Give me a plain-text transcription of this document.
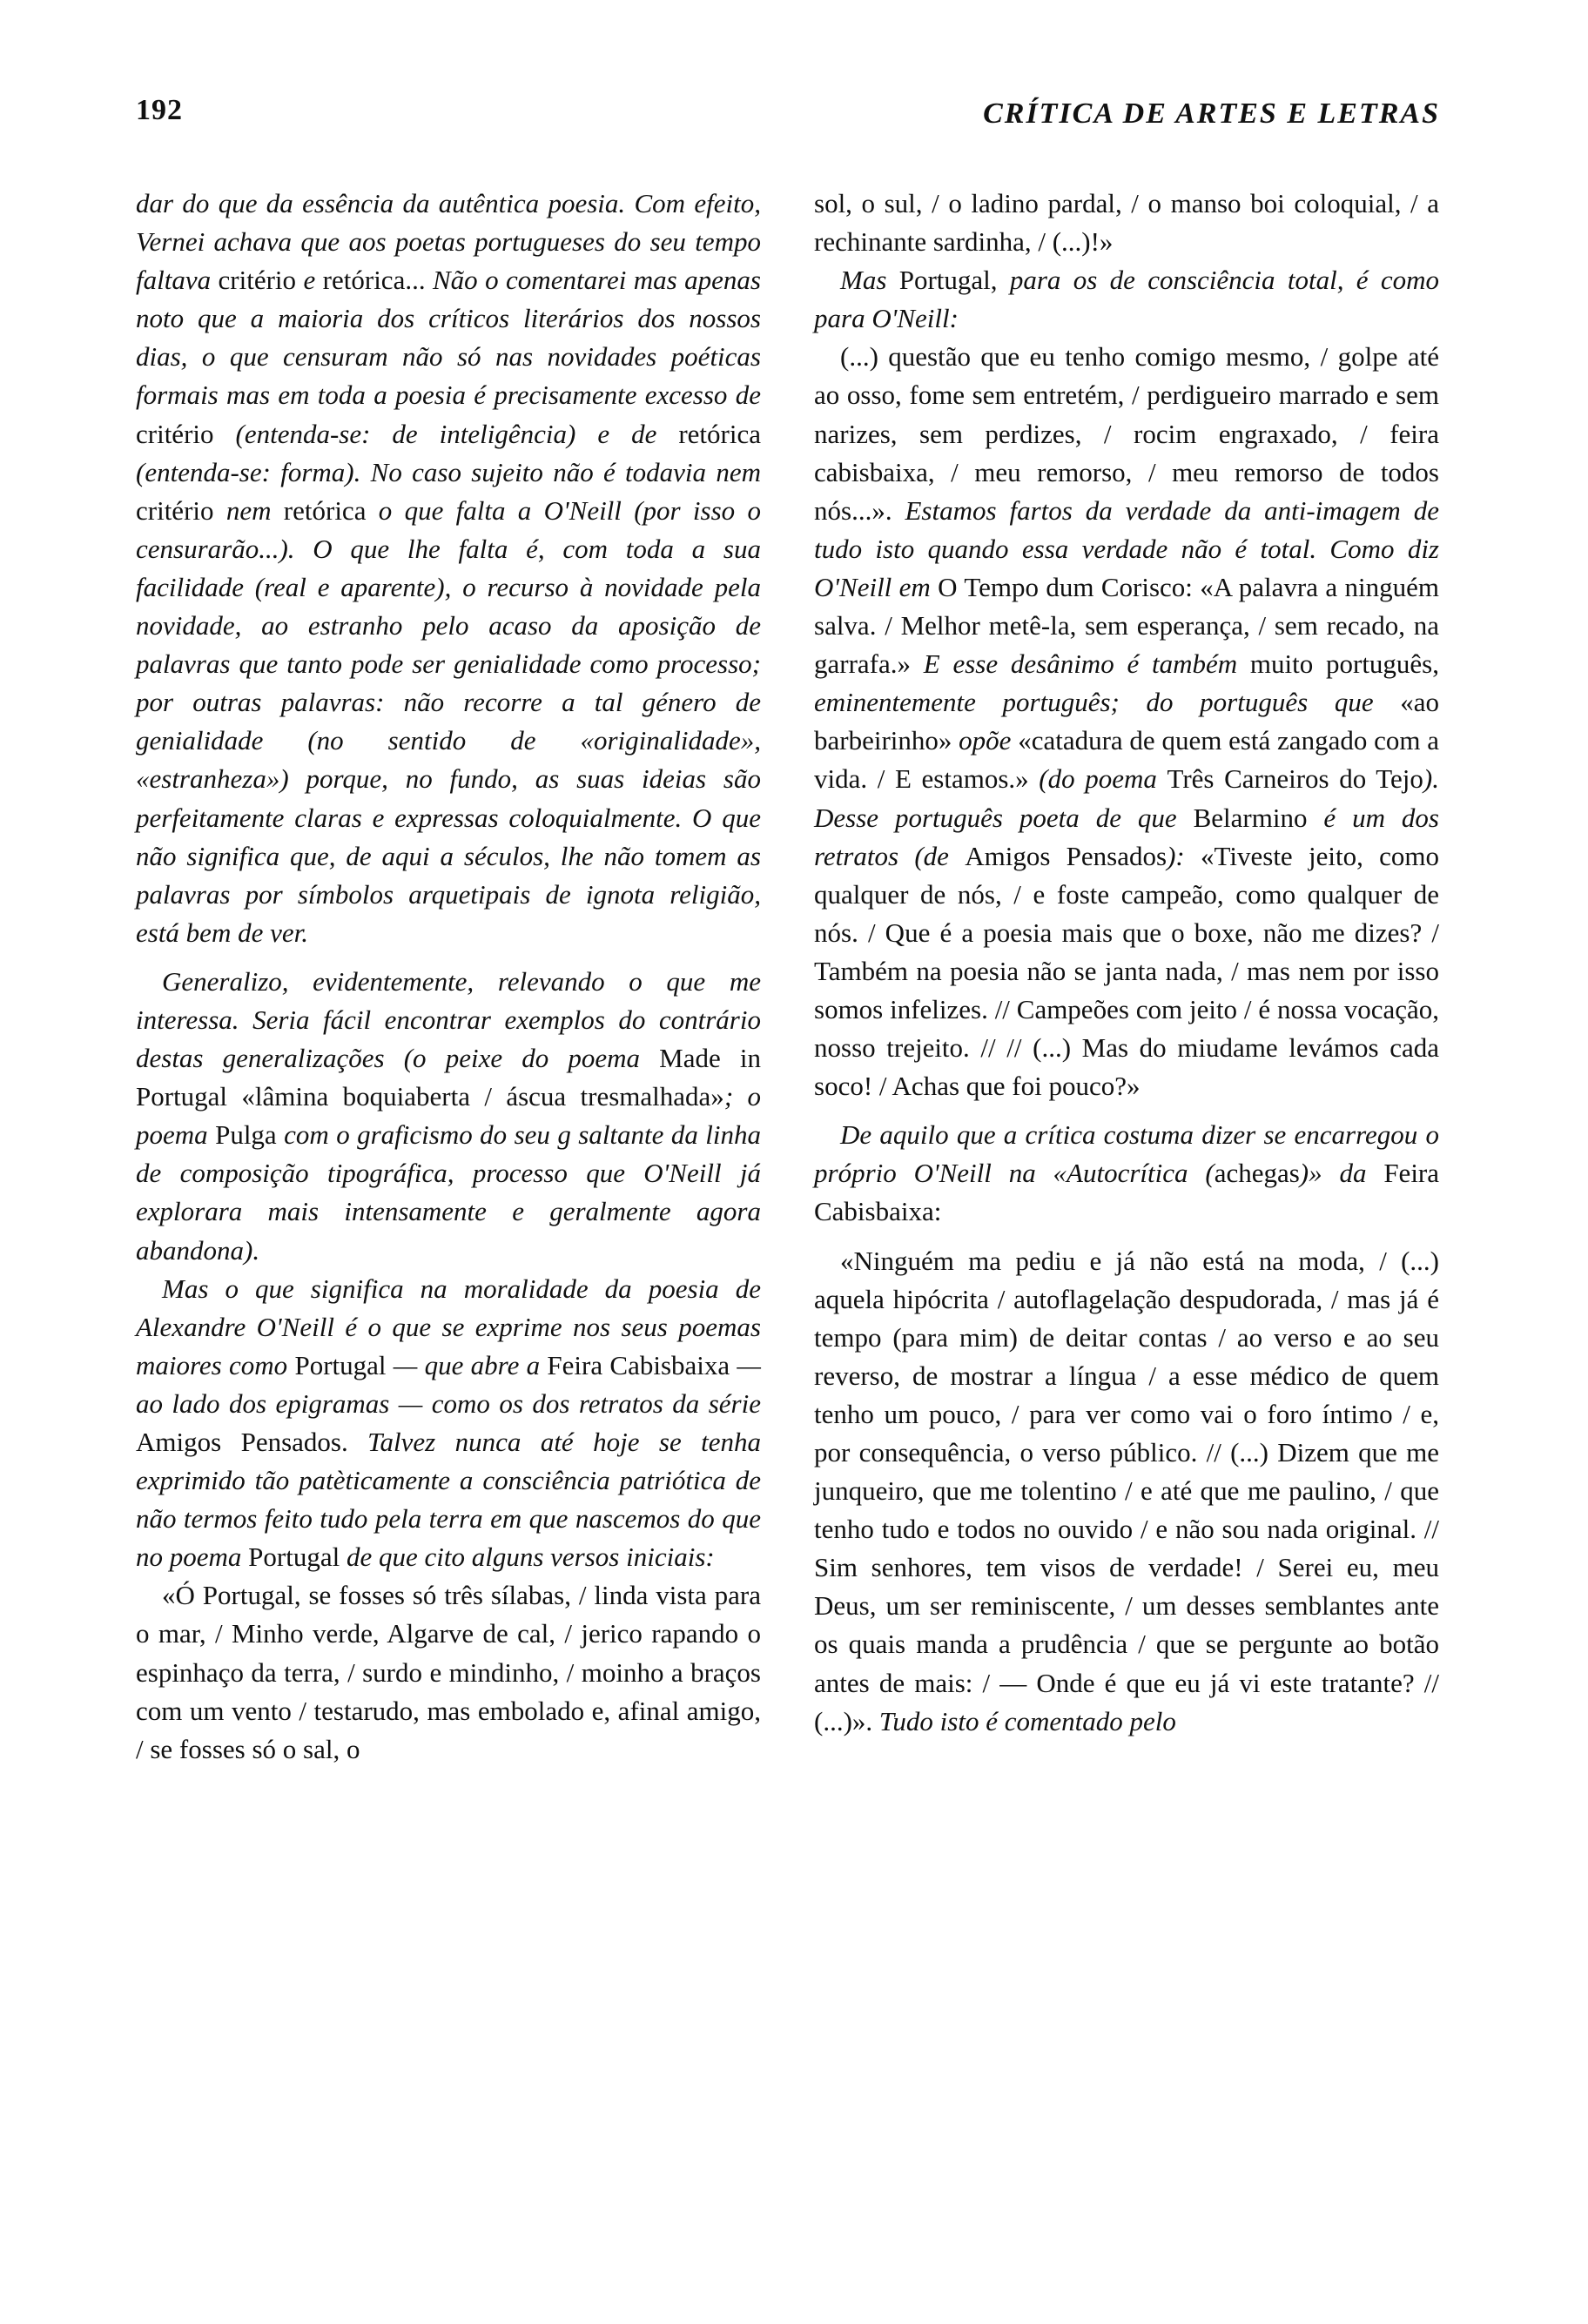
192	CRÍTICA DE ARTES E LETRAS

dar do que da essência da autêntica poesia. Com efeito, Vernei achava que aos poetas portugueses do seu tempo faltava critério e retórica... Não o comentarei mas apenas noto que a maioria dos críticos literários dos nossos dias, o que censuram não só nas novidades poéticas formais mas em toda a poesia é precisamente excesso de critério (entenda-se: de inteligência) e de retórica (entenda-se: forma). No caso sujeito não é todavia nem critério nem retórica o que falta a O'Neill (por isso o censurarão...). O que lhe falta é, com toda a sua facilidade (real e aparente), o recurso à novidade pela novidade, ao estranho pelo acaso da aposição de palavras que tanto pode ser genialidade como processo; por outras palavras: não recorre a tal género de genialidade (no sentido de «originalidade», «estranheza») porque, no fundo, as suas ideias são perfeitamente claras e expressas coloquialmente. O que não significa que, de aqui a séculos, lhe não tomem as palavras por símbolos arquetipais de ignota religião, está bem de ver.

Generalizo, evidentemente, relevando o que me interessa. Seria fácil encontrar exemplos do contrário destas generalizações (o peixe do poema Made in Portugal «lâmina boquiaberta / áscua tresmalhada»; o poema Pulga com o graficismo do seu g saltante da linha de composição tipográfica, processo que O'Neill já explorara mais intensamente e geralmente agora abandona).

Mas o que significa na moralidade da poesia de Alexandre O'Neill é o que se exprime nos seus poemas maiores como Portugal — que abre a Feira Cabisbaixa — ao lado dos epigramas — como os dos retratos da série Amigos Pensados. Talvez nunca até hoje se tenha exprimido tão patèticamente a consciência patriótica de não termos feito tudo pela terra em que nascemos do que no poema Portugal de que cito alguns versos iniciais:

«Ó Portugal, se fosses só três sílabas, / linda vista para o mar, / Minho verde, Algarve de cal, / jerico rapando o espinhaço da terra, / surdo e mindinho, / moinho a braços com um vento / testarudo, mas embolado e, afinal amigo, / se fosses só o sal, o

sol, o sul, / o ladino pardal, / o manso boi coloquial, / a rechinante sardinha, / (...)!»

Mas Portugal, para os de consciência total, é como para O'Neill:

(...) questão que eu tenho comigo mesmo, / golpe até ao osso, fome sem entretém, / perdigueiro marrado e sem narizes, sem perdizes, / rocim engraxado, / feira cabisbaixa, / meu remorso, / meu remorso de todos nós...». Estamos fartos da verdade da anti-imagem de tudo isto quando essa verdade não é total. Como diz O'Neill em O Tempo dum Corisco: «A palavra a ninguém salva. / Melhor metê-la, sem esperança, / sem recado, na garrafa.» E esse desânimo é também muito português, eminentemente português; do português que «ao barbeirinho» opõe «catadura de quem está zangado com a vida. / E estamos.» (do poema Três Carneiros do Tejo). Desse português poeta de que Belarmino é um dos retratos (de Amigos Pensados): «Tiveste jeito, como qualquer de nós, / e foste campeão, como qualquer de nós. / Que é a poesia mais que o boxe, não me dizes? / Também na poesia não se janta nada, / mas nem por isso somos infelizes. // Campeões com jeito / é nossa vocação, nosso trejeito. // // (...) Mas do miudame levámos cada soco! / Achas que foi pouco?»

De aquilo que a crítica costuma dizer se encarregou o próprio O'Neill na «Autocrítica (achegas)» da Feira Cabisbaixa:

«Ninguém ma pediu e já não está na moda, / (...) aquela hipócrita / autoflagelação despudorada, / mas já é tempo (para mim) de deitar contas / ao verso e ao seu reverso, de mostrar a língua / a esse médico de quem tenho um pouco, / para ver como vai o foro íntimo / e, por consequência, o verso público. // (...) Dizem que me junqueiro, que me tolentino / e até que me paulino, / que tenho tudo e todos no ouvido / e não sou nada original. // Sim senhores, tem visos de verdade! / Serei eu, meu Deus, um ser reminiscente, / um desses semblantes ante os quais manda a prudência / que se pergunte ao botão antes de mais: / — Onde é que eu já vi este tratante? // (...)». Tudo isto é comentado pelo
